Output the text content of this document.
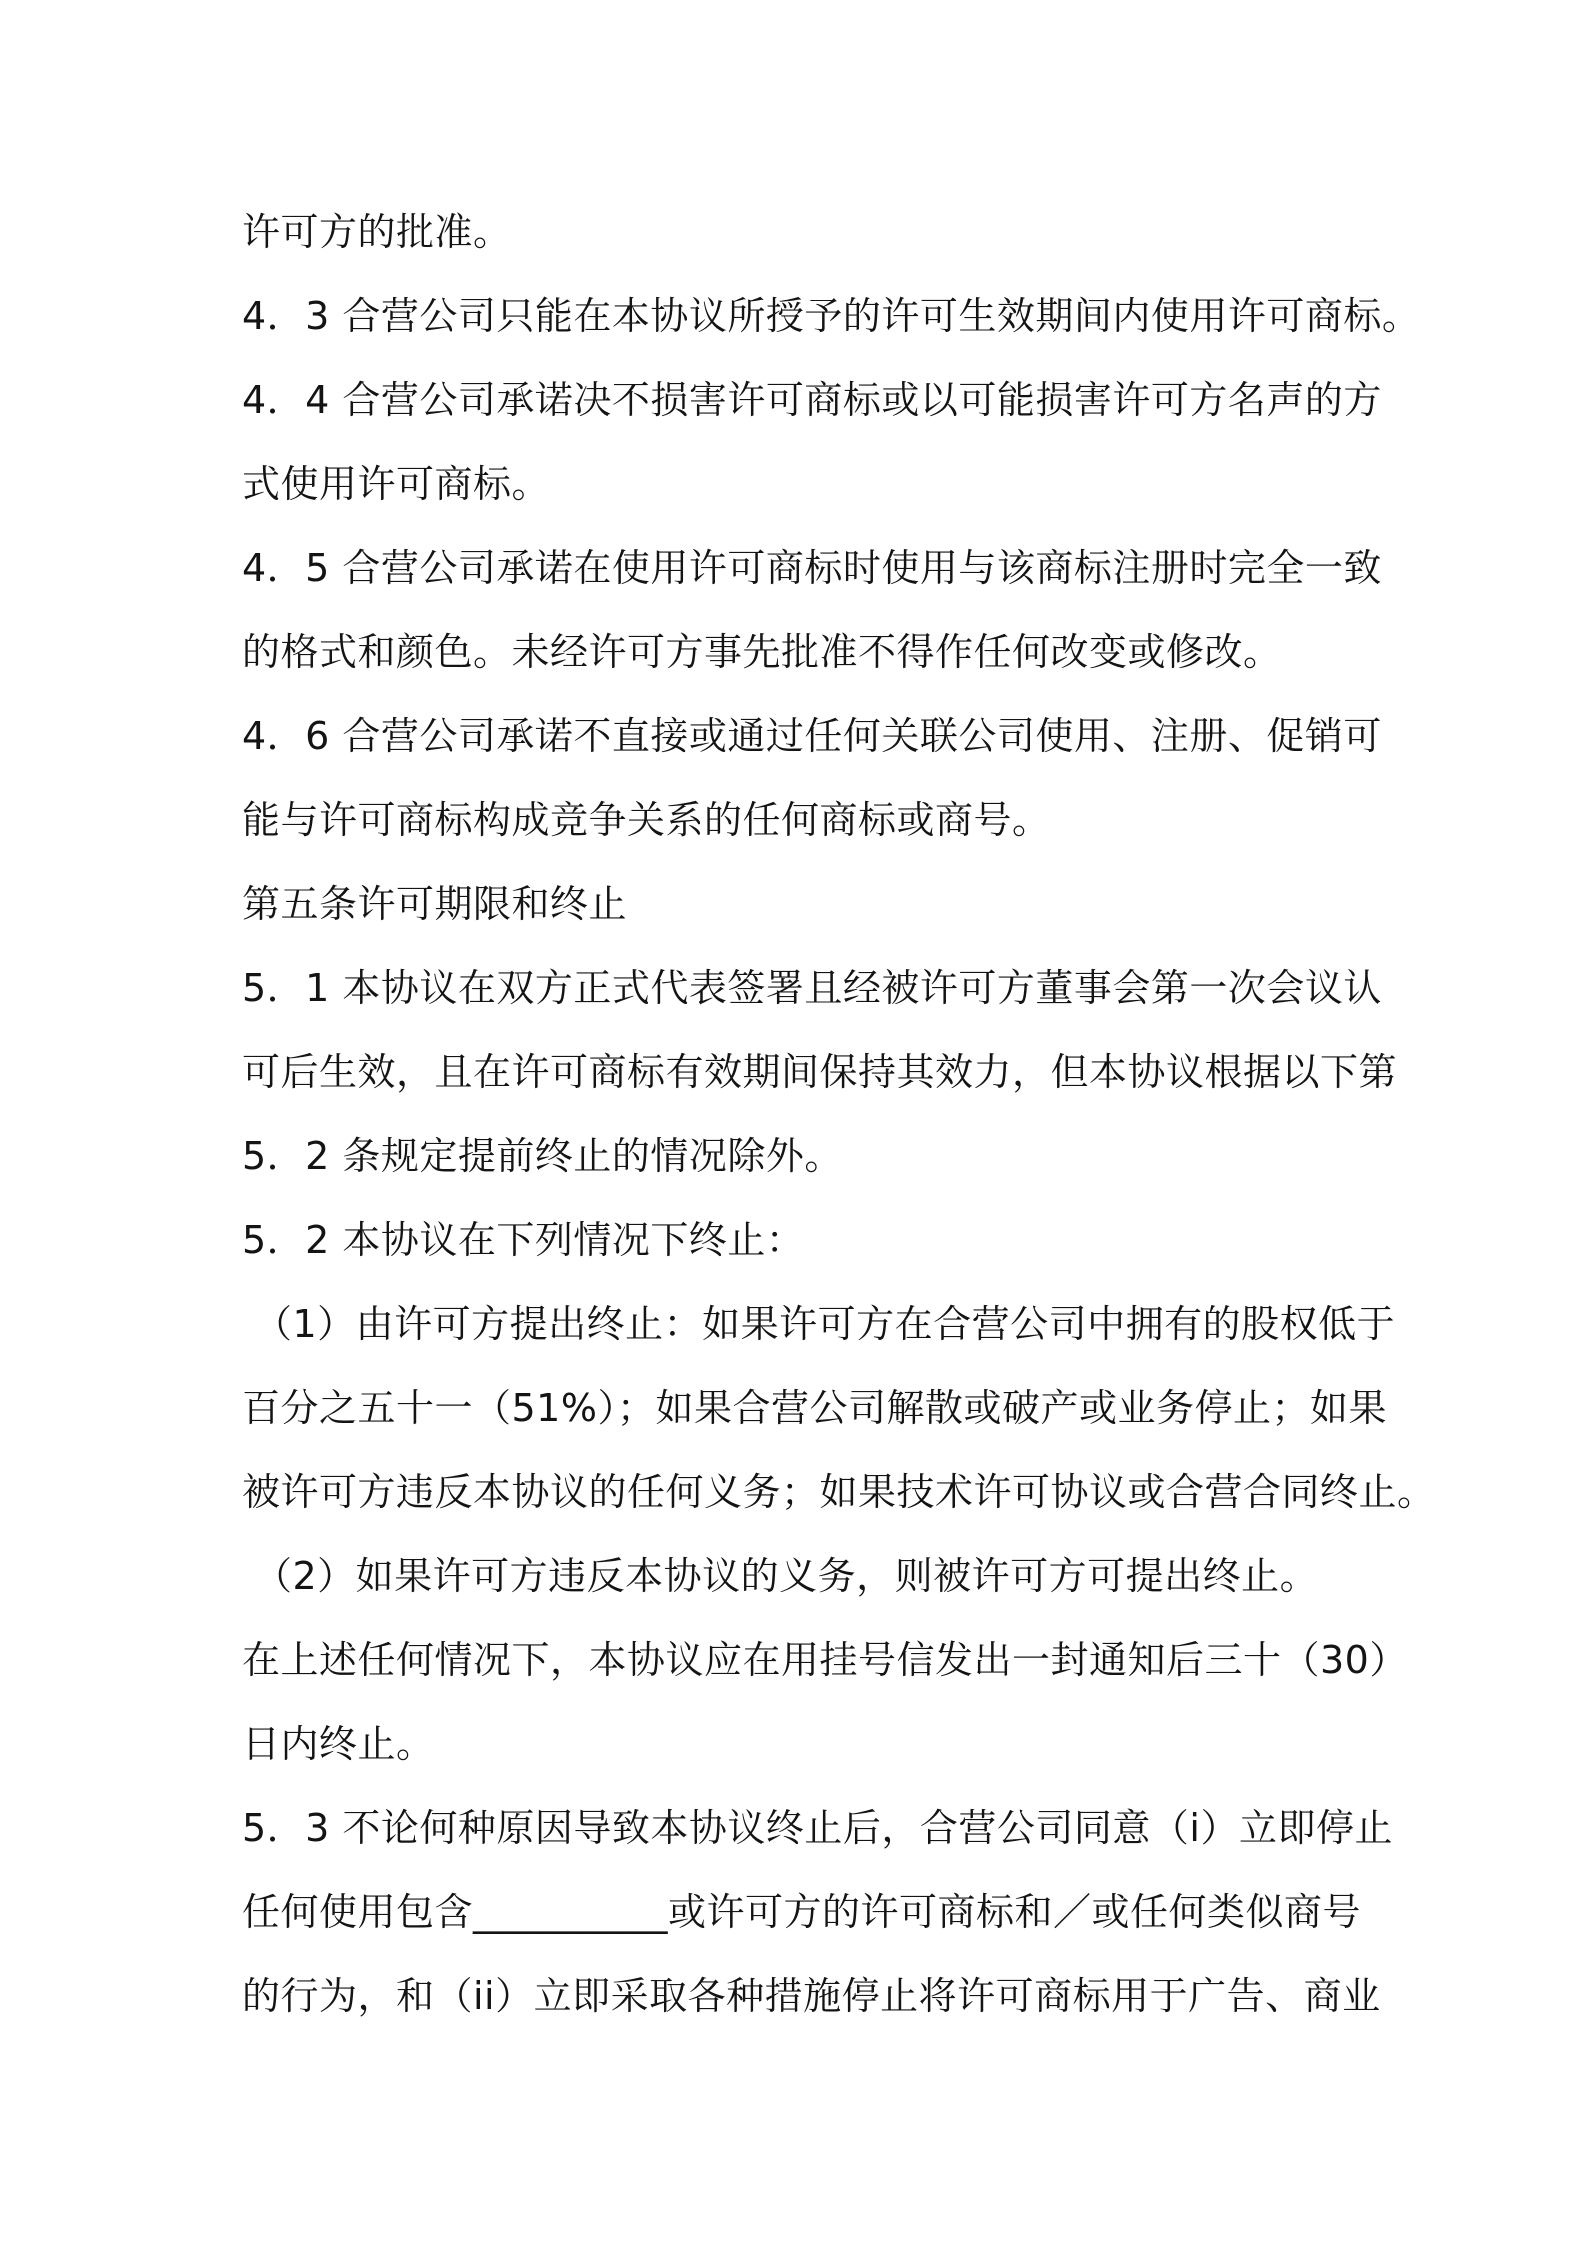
许可方的批准。
4．3 合营公司只能在本协议所授予的许可生效期间内使用许可商标。
4．4 合营公司承诺决不损害许可商标或以可能损害许可方名声的方
式使用许可商标。
4．5 合营公司承诺在使用许可商标时使用与该商标注册时完全一致
的格式和颜色。未经许可方事先批准不得作任何改变或修改。
4．6 合营公司承诺不直接或通过任何关联公司使用、注册、促销可
能与许可商标构成竞争关系的任何商标或商号。
第五条许可期限和终止
5．1 本协议在双方正式代表签署且经被许可方董事会第一次会议认
可后生效，且在许可商标有效期间保持其效力，但本协议根据以下第
5．2 条规定提前终止的情况除外。
5．2 本协议在下列情况下终止：
（1）由许可方提出终止：如果许可方在合营公司中拥有的股权低于
百分之五十一（51%）；如果合营公司解散或破产或业务停止；如果
被许可方违反本协议的任何义务；如果技术许可协议或合营合同终止。
（2）如果许可方违反本协议的义务，则被许可方可提出终止。
在上述任何情况下，本协议应在用挂号信发出一封通知后三十（30）
日内终止。
5．3 不论何种原因导致本协议终止后，合营公司同意（i）立即停止
任何使用包含__________或许可方的许可商标和／或任何类似商号
的行为，和（ii）立即采取各种措施停止将许可商标用于广告、商业
